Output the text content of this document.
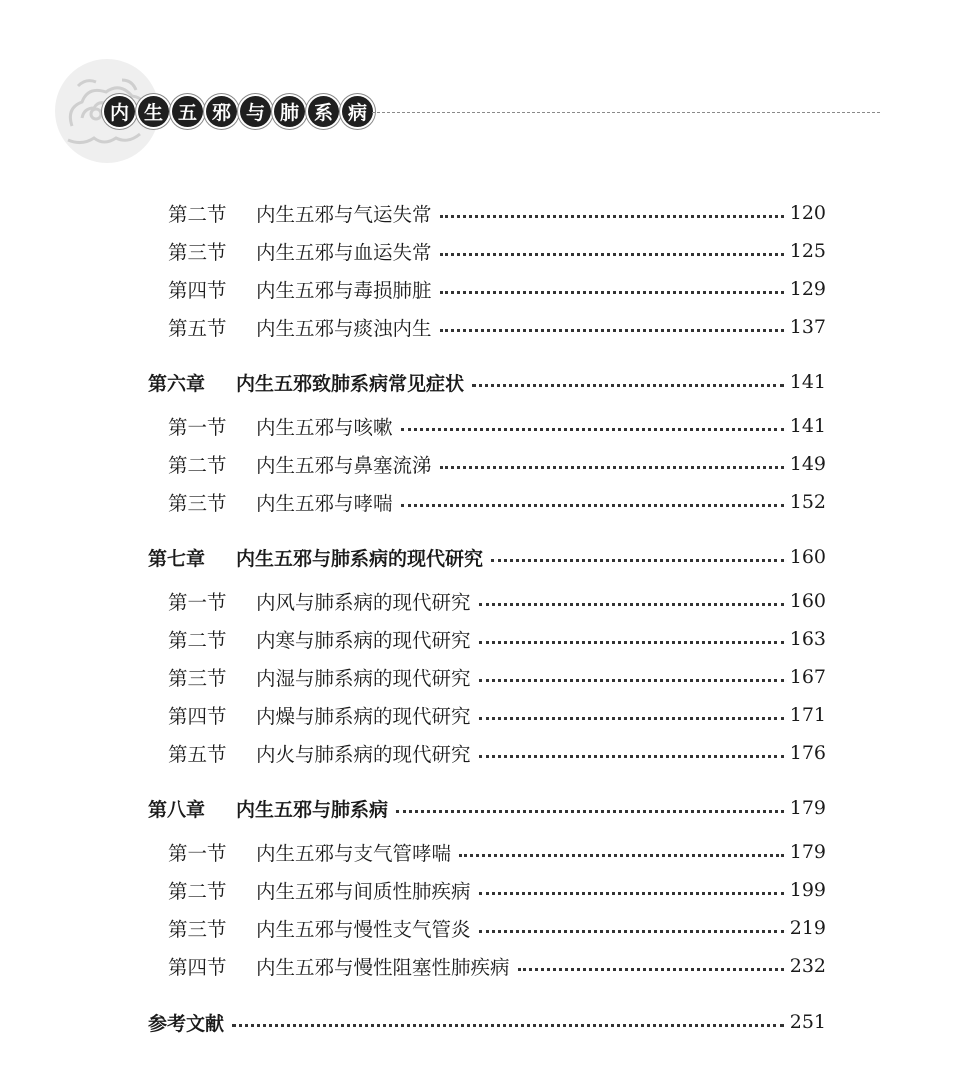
内 生 五 邪 与 肺 系 病
第二节 内生五邪与气运失常	120
第三节 内生五邪与血运失常	125
第四节 内生五邪与毒损肺脏	129
第五节 内生五邪与痰浊内生	137
第六章 内生五邪致肺系病常见症状	141
第一节 内生五邪与咳嗽	141
第二节 内生五邪与鼻塞流涕	149
第三节 内生五邪与哮喘	152
第七章 内生五邪与肺系病的现代研究	160
第一节 内风与肺系病的现代研究	160
第二节 内寒与肺系病的现代研究	163
第三节 内湿与肺系病的现代研究	167
第四节 内燥与肺系病的现代研究	171
第五节 内火与肺系病的现代研究	176
第八章 内生五邪与肺系病	179
第一节 内生五邪与支气管哮喘	179
第二节 内生五邪与间质性肺疾病	199
第三节 内生五邪与慢性支气管炎	219
第四节 内生五邪与慢性阻塞性肺疾病	232
参考文献	251
